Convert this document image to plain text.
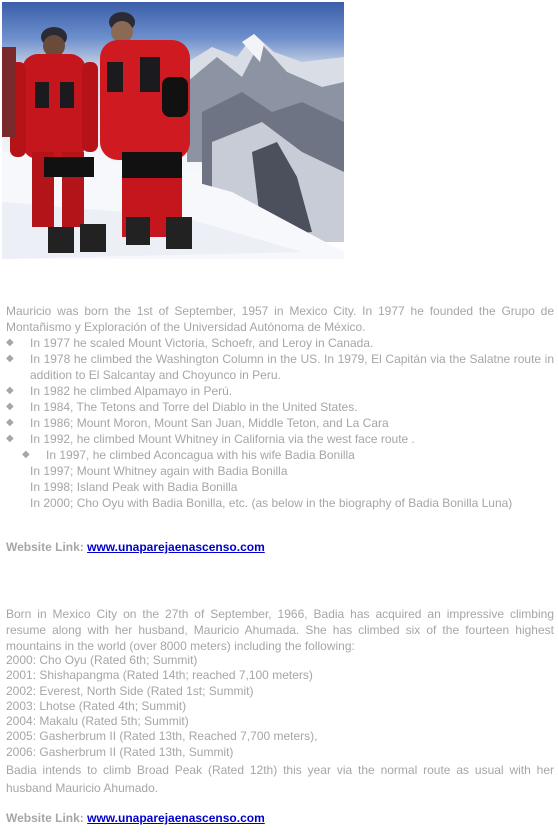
Mauricio was born the 1st of September, 1957 in Mexico City. In 1977 he founded the Grupo de Montañismo y Exploración of the Universidad Autónoma de México.

◆ In 1977 he scaled Mount Victoria, Schoefr, and Leroy in Canada.
◆ In 1978 he climbed the Washington Column in the US. In 1979, El Capitán via the Salatne route in addition to El Salcantay and Choyunco in Peru.
◆ In 1982 he climbed Alpamayo in Perú.
◆ In 1984, The Tetons and Torre del Diablo in the United States.
◆ In 1986; Mount Moron, Mount San Juan, Middle Teton, and La Cara
◆ In 1992, he climbed Mount Whitney in California via the west face route .
◆ In 1997, he climbed Aconcagua with his wife Badia Bonilla
In 1997; Mount Whitney again with Badia Bonilla
In 1998; Island Peak with Badia Bonilla
In 2000; Cho Oyu with Badia Bonilla, etc. (as below in the biography of Badia Bonilla Luna)
Website Link: www.unaparejaenascenso.com

Born in Mexico City on the 27th of September, 1966, Badia has acquired an impressive climbing resume along with her husband, Mauricio Ahumada. She has climbed six of the fourteen highest mountains in the world (over 8000 meters) including the following:

2000: Cho Oyu (Rated 6th; Summit)
2001: Shishapangma (Rated 14th; reached 7,100 meters)
2002: Everest, North Side (Rated 1st; Summit)
2003: Lhotse (Rated 4th; Summit)
2004: Makalu (Rated 5th; Summit)
2005: Gasherbrum II (Rated 13th, Reached 7,700 meters),
2006: Gasherbrum II (Rated 13th, Summit)

Badia intends to climb Broad Peak (Rated 12th) this year via the normal route as usual with her husband Mauricio Ahumado.

Website Link: www.unaparejaenascenso.com
